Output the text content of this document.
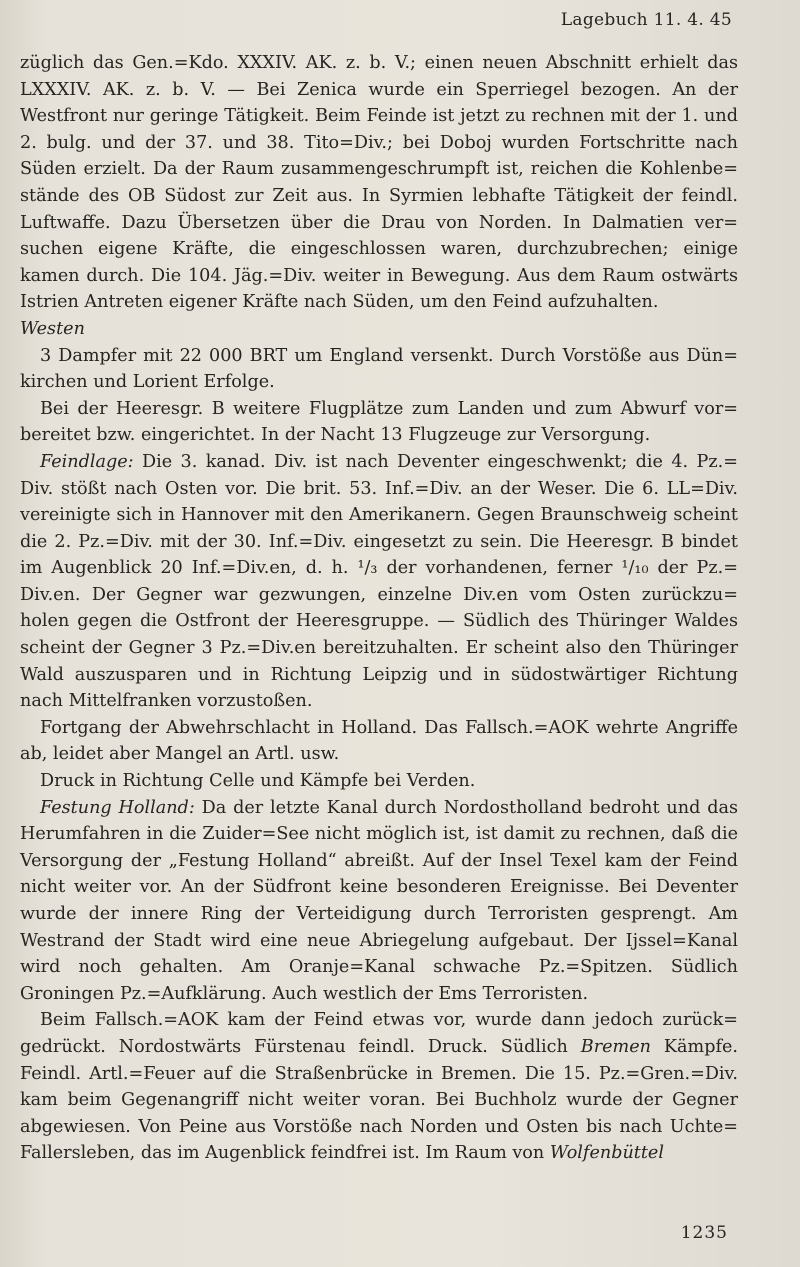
Lagebuch 11. 4. 45

züglich das Gen.=Kdo. XXXIV. AK. z. b. V.; einen neuen Abschnitt erhielt das LXXXIV. AK. z. b. V. — Bei Zenica wurde ein Sperriegel bezogen. An der Westfront nur geringe Tätigkeit. Beim Feinde ist jetzt zu rechnen mit der 1. und 2. bulg. und der 37. und 38. Tito=Div.; bei Doboj wurden Fortschritte nach Süden erzielt. Da der Raum zusammengeschrumpft ist, reichen die Kohlenbe= stände des OB Südost zur Zeit aus. In Syrmien lebhafte Tätigkeit der feindl. Luftwaffe. Dazu Übersetzen über die Drau von Norden. In Dalmatien ver= suchen eigene Kräfte, die eingeschlossen waren, durchzubrechen; einige kamen durch. Die 104. Jäg.=Div. weiter in Bewegung. Aus dem Raum ostwärts Istrien Antreten eigener Kräfte nach Süden, um den Feind aufzuhalten.

Westen

3 Dampfer mit 22 000 BRT um England versenkt. Durch Vorstöße aus Dün= kirchen und Lorient Erfolge.

Bei der Heeresgr. B weitere Flugplätze zum Landen und zum Abwurf vor= bereitet bzw. eingerichtet. In der Nacht 13 Flugzeuge zur Versorgung.

Feindlage: Die 3. kanad. Div. ist nach Deventer eingeschwenkt; die 4. Pz.= Div. stößt nach Osten vor. Die brit. 53. Inf.=Div. an der Weser. Die 6. LL=Div. vereinigte sich in Hannover mit den Amerikanern. Gegen Braunschweig scheint die 2. Pz.=Div. mit der 30. Inf.=Div. eingesetzt zu sein. Die Heeresgr. B bindet im Augenblick 20 Inf.=Div.en, d. h. ¹/₃ der vorhandenen, ferner ¹/₁₀ der Pz.= Div.en. Der Gegner war gezwungen, einzelne Div.en vom Osten zurückzu= holen gegen die Ostfront der Heeresgruppe. — Südlich des Thüringer Waldes scheint der Gegner 3 Pz.=Div.en bereitzuhalten. Er scheint also den Thüringer Wald auszusparen und in Richtung Leipzig und in südostwärtiger Richtung nach Mittelfranken vorzustoßen.

Fortgang der Abwehrschlacht in Holland. Das Fallsch.=AOK wehrte Angriffe ab, leidet aber Mangel an Artl. usw.

Druck in Richtung Celle und Kämpfe bei Verden.

Festung Holland: Da der letzte Kanal durch Nordostholland bedroht und das Herumfahren in die Zuider=See nicht möglich ist, ist damit zu rechnen, daß die Versorgung der „Festung Holland“ abreißt. Auf der Insel Texel kam der Feind nicht weiter vor. An der Südfront keine besonderen Ereignisse. Bei Deventer wurde der innere Ring der Verteidigung durch Terroristen gesprengt. Am Westrand der Stadt wird eine neue Abriegelung aufgebaut. Der Ijssel=Kanal wird noch gehalten. Am Oranje=Kanal schwache Pz.=Spitzen. Südlich Groningen Pz.=Aufklärung. Auch westlich der Ems Terroristen.

Beim Fallsch.=AOK kam der Feind etwas vor, wurde dann jedoch zurück= gedrückt. Nordostwärts Fürstenau feindl. Druck. Südlich Bremen Kämpfe. Feindl. Artl.=Feuer auf die Straßenbrücke in Bremen. Die 15. Pz.=Gren.=Div. kam beim Gegenangriff nicht weiter voran. Bei Buchholz wurde der Gegner abgewiesen. Von Peine aus Vorstöße nach Norden und Osten bis nach Uchte= Fallersleben, das im Augenblick feindfrei ist. Im Raum von Wolfenbüttel

1235
